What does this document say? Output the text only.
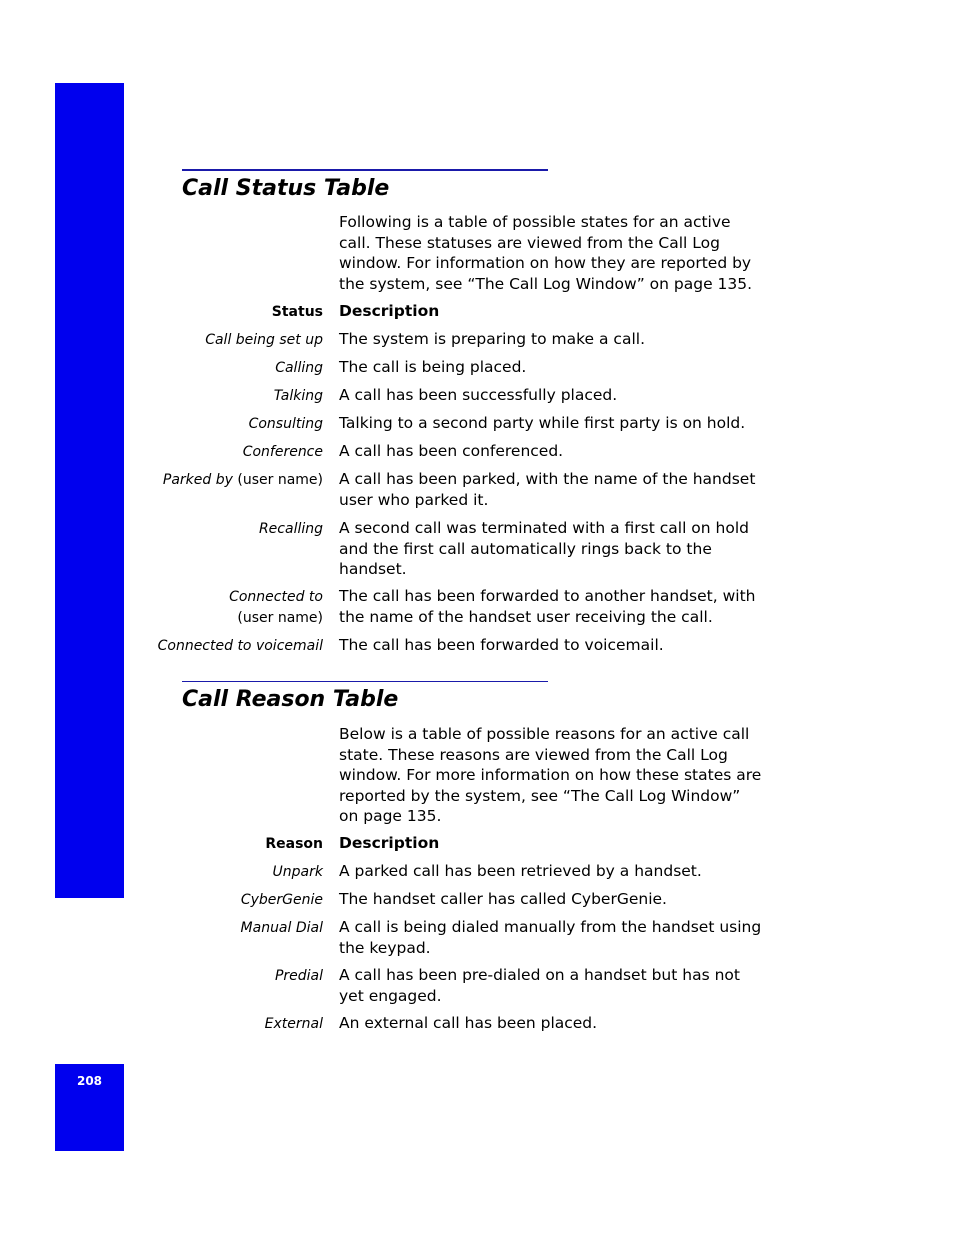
CG 2400 User Guide
208
Call Status Table

Following is a table of possible states for an active call. These statuses are viewed from the Call Log window. For information on how they are reported by the system, see “The Call Log Window” on page 135.

Status Description
Call being set up The system is preparing to make a call.
Calling The call is being placed.
Talking A call has been successfully placed.
Consulting Talking to a second party while first party is on hold.
Conference A call has been conferenced.
Parked by (user name) A call has been parked, with the name of the handset user who parked it.
Recalling A second call was terminated with a first call on hold and the first call automatically rings back to the handset.
Connected to
(user name)
The call has been forwarded to another handset, with the name of the handset user receiving the call.
Connected to voicemail The call has been forwarded to voicemail.
Call Reason Table

Below is a table of possible reasons for an active call state. These reasons are viewed from the Call Log window. For more information on how these states are reported by the system, see “The Call Log Window” on page 135.

Reason Description
Unpark A parked call has been retrieved by a handset.
CyberGenie The handset caller has called CyberGenie.
Manual Dial A call is being dialed manually from the handset using the keypad.
Predial A call has been pre-dialed on a handset but has not yet engaged.
External An external call has been placed.
